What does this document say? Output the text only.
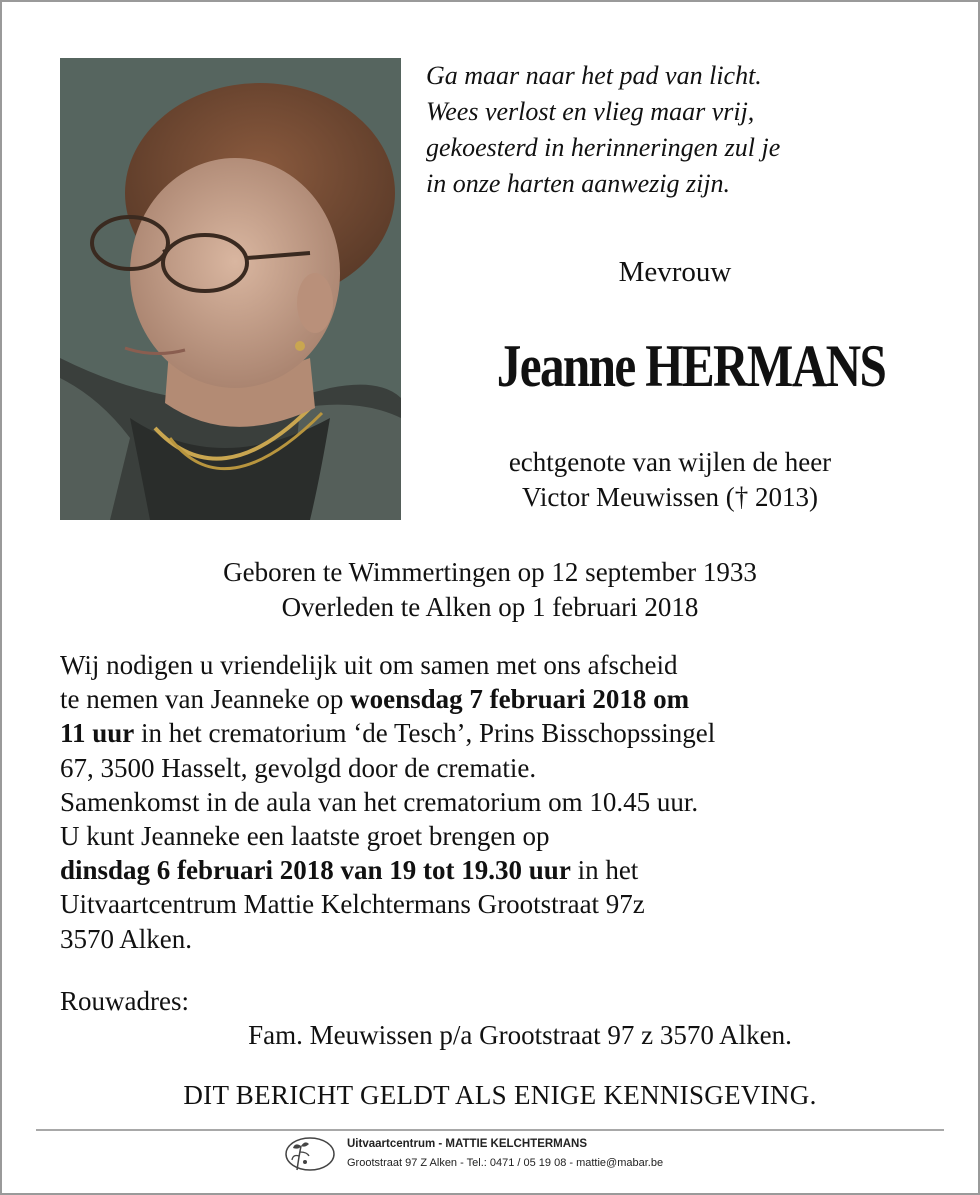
Ga maar naar het pad van licht.
Wees verlost en vlieg maar vrij,
gekoesterd in herinneringen zul je
in onze harten aanwezig zijn.
Mevrouw
Jeanne HERMANS
echtgenote van wijlen de heer
Victor Meuwissen († 2013)
Geboren te Wimmertingen op 12 september 1933
Overleden te Alken op 1 februari 2018
Wij nodigen u vriendelijk uit om samen met ons afscheid
te nemen van Jeanneke op woensdag 7 februari 2018 om
11 uur in het crematorium ‘de Tesch’, Prins Bisschopssingel
67, 3500 Hasselt, gevolgd door de crematie.
Samenkomst in de aula van het crematorium om 10.45 uur.
U kunt Jeanneke een laatste groet brengen op
dinsdag 6 februari 2018 van 19 tot 19.30 uur in het
Uitvaartcentrum Mattie Kelchtermans Grootstraat 97z
3570 Alken.
Rouwadres:
Fam. Meuwissen p/a Grootstraat 97 z 3570 Alken.
DIT BERICHT GELDT ALS ENIGE KENNISGEVING.
Uitvaartcentrum - MATTIE KELCHTERMANS
Grootstraat 97 Z Alken - Tel.: 0471 / 05 19 08 - mattie@mabar.be
